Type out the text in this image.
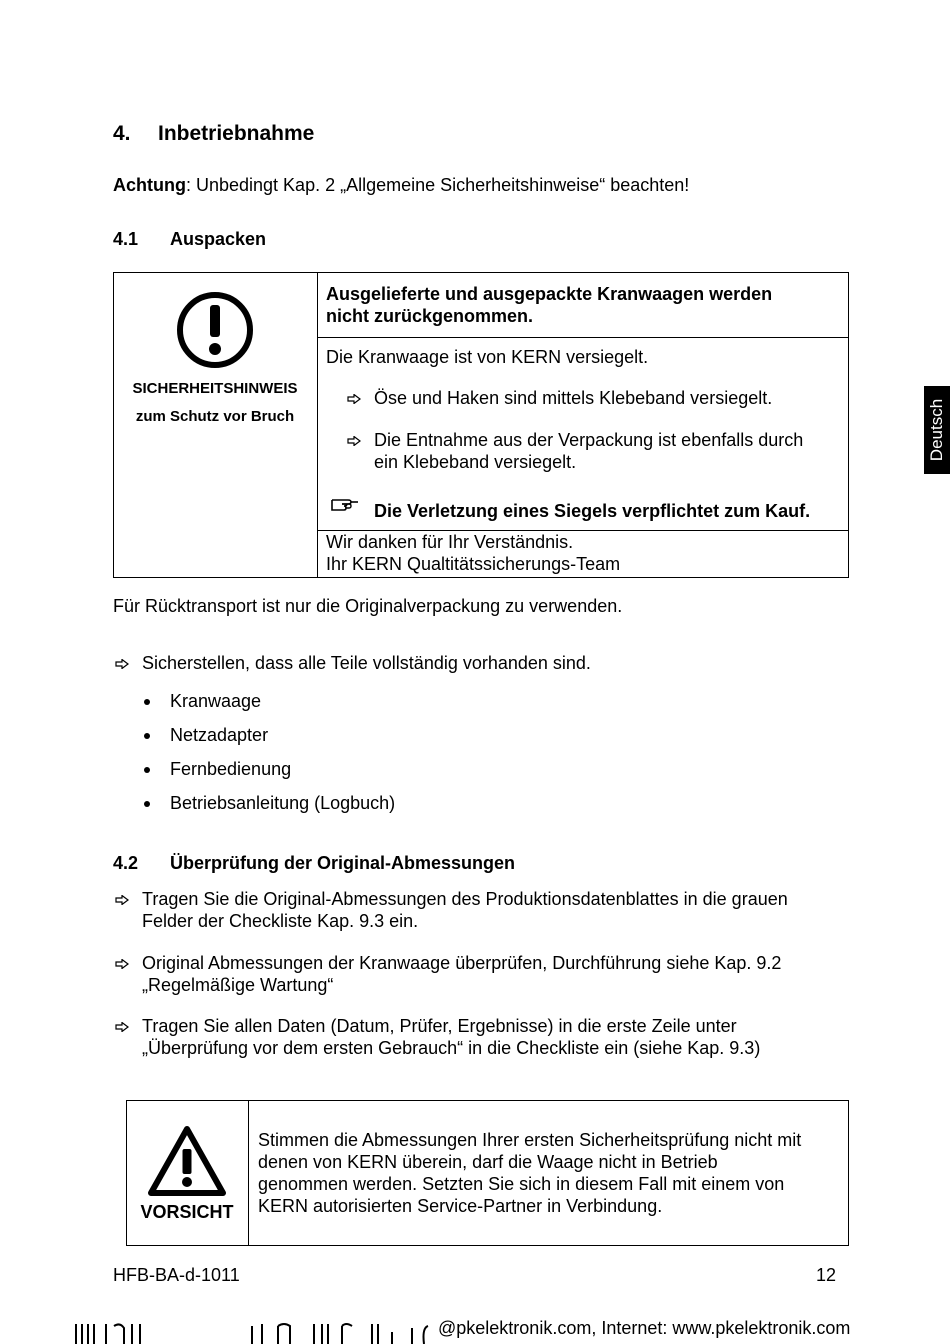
4. Inbetriebnahme
Achtung: Unbedingt Kap. 2 „Allgemeine Sicherheitshinweise“ beachten!
4.1 Auspacken
SICHERHEITSHINWEIS
zum Schutz vor Bruch
Ausgelieferte und ausgepackte Kranwaagen werden
nicht zurückgenommen.
Die Kranwaage ist von KERN versiegelt.
Öse und Haken sind mittels Klebeband versiegelt.
Die Entnahme aus der Verpackung ist ebenfalls durch
ein Klebeband versiegelt.
Die Verletzung eines Siegels verpflichtet zum Kauf.
Wir danken für Ihr Verständnis.
Ihr KERN Qualtitätssicherungs-Team
Für Rücktransport ist nur die Originalverpackung zu verwenden.
Sicherstellen, dass alle Teile vollständig vorhanden sind.
Kranwaage
Netzadapter
Fernbedienung
Betriebsanleitung (Logbuch)
4.2 Überprüfung der Original-Abmessungen
Tragen Sie die Original-Abmessungen des Produktionsdatenblattes in die grauen
Felder der Checkliste Kap. 9.3 ein.
Original Abmessungen der Kranwaage überprüfen, Durchführung siehe Kap. 9.2
„Regelmäßige Wartung“
Tragen Sie allen Daten (Datum, Prüfer, Ergebnisse) in die erste Zeile unter
„Überprüfung vor dem ersten Gebrauch“ in die Checkliste ein (siehe Kap. 9.3)
VORSICHT
Stimmen die Abmessungen Ihrer ersten Sicherheitsprüfung nicht mit
denen von KERN überein, darf die Waage nicht in Betrieb
genommen werden. Setzten Sie sich in diesem Fall mit einem von
KERN autorisierten Service-Partner in Verbindung.
Deutsch
HFB-BA-d-1011	12
@pkelektronik.com, Internet: www.pkelektronik.com
